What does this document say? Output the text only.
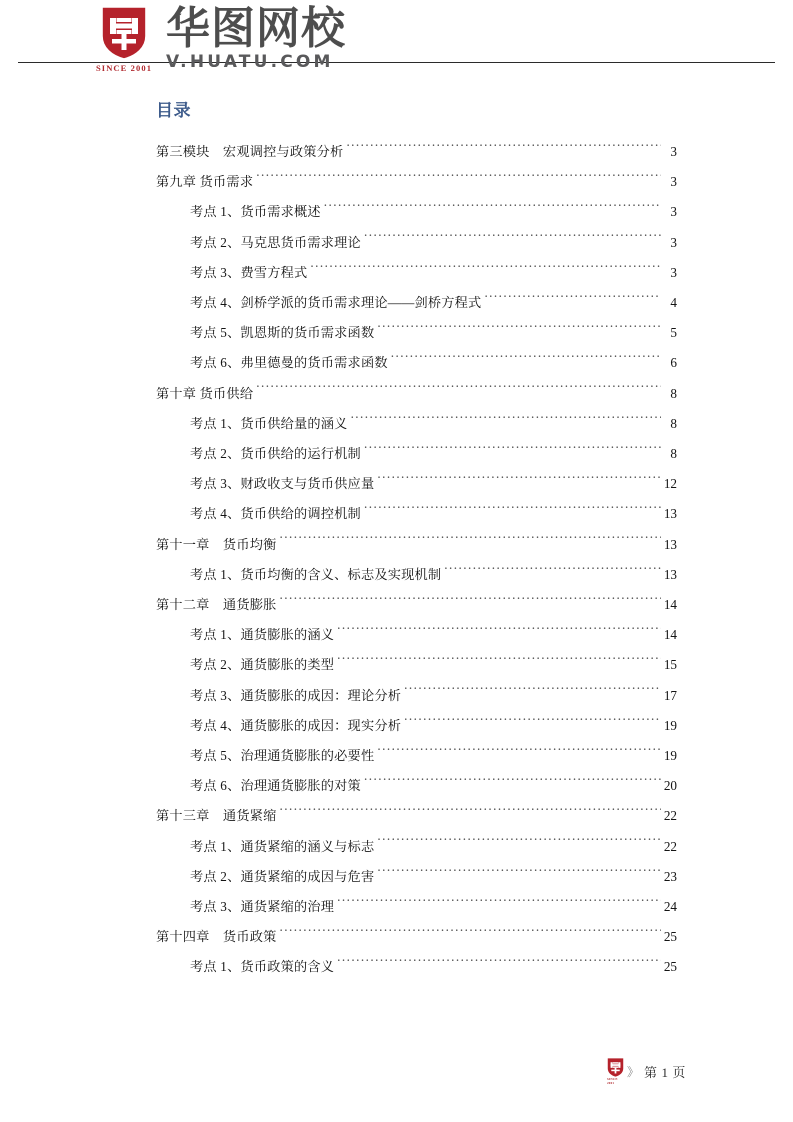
SINCE 2001
华图网校
V.HUATU.COM
目录
第三模块　宏观调控与政策分析 .....	3
第九章 货币需求 .....	3
考点 1、货币需求概述 .....	3
考点 2、马克思货币需求理论 .....	3
考点 3、费雪方程式 .....	3
考点 4、剑桥学派的货币需求理论——剑桥方程式 .....	4
考点 5、凯恩斯的货币需求函数 .....	5
考点 6、弗里德曼的货币需求函数 .....	6
第十章 货币供给 .....	8
考点 1、货币供给量的涵义 .....	8
考点 2、货币供给的运行机制 .....	8
考点 3、财政收支与货币供应量 .....	12
考点 4、货币供给的调控机制 .....	13
第十一章　货币均衡 .....	13
考点 1、货币均衡的含义、标志及实现机制 .....	13
第十二章　通货膨胀 .....	14
考点 1、通货膨胀的涵义 .....	14
考点 2、通货膨胀的类型 .....	15
考点 3、通货膨胀的成因：理论分析 .....	17
考点 4、通货膨胀的成因：现实分析 .....	19
考点 5、治理通货膨胀的必要性 .....	19
考点 6、治理通货膨胀的对策 .....	20
第十三章　通货紧缩 .....	22
考点 1、通货紧缩的涵义与标志 .....	22
考点 2、通货紧缩的成因与危害 .....	23
考点 3、通货紧缩的治理 .....	24
第十四章　货币政策 .....	25
考点 1、货币政策的含义 .....	25
SINCE 2001
》 第 1 页
